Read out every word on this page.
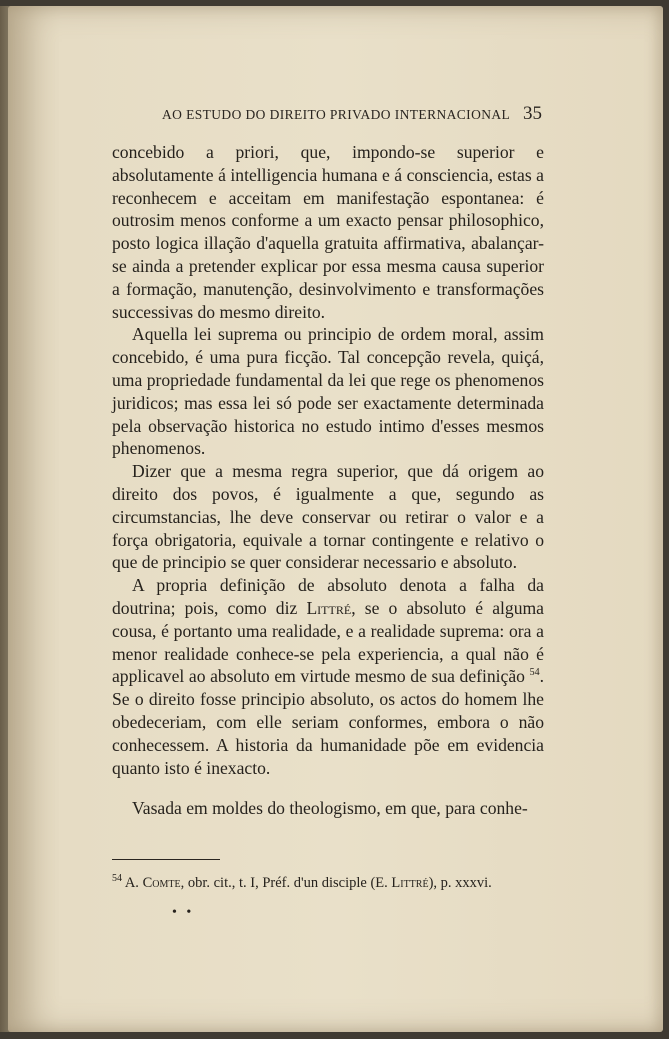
AO ESTUDO DO DIREITO PRIVADO INTERNACIONAL 35

concebido a priori, que, impondo-se superior e absolutamente á intelligencia humana e á consciencia, estas a reconhecem e acceitam em manifestação espontanea: é outrosim menos conforme a um exacto pensar philosophico, posto logica illação d'aquella gratuita affirmativa, abalançar-se ainda a pretender explicar por essa mesma causa superior a formação, manutenção, desinvolvimento e transformações successivas do mesmo direito.

Aquella lei suprema ou principio de ordem moral, assim concebido, é uma pura ficção. Tal concepção revela, quiçá, uma propriedade fundamental da lei que rege os phenomenos juridicos; mas essa lei só pode ser exactamente determinada pela observação historica no estudo intimo d'esses mesmos phenomenos.

Dizer que a mesma regra superior, que dá origem ao direito dos povos, é igualmente a que, segundo as circumstancias, lhe deve conservar ou retirar o valor e a força obrigatoria, equivale a tornar contingente e relativo o que de principio se quer considerar necessario e absoluto.

A propria definição de absoluto denota a falha da doutrina; pois, como diz Littré, se o absoluto é alguma cousa, é portanto uma realidade, e a realidade suprema: ora a menor realidade conhece-se pela experiencia, a qual não é applicavel ao absoluto em virtude mesmo de sua definição $^{54}$. Se o direito fosse principio absoluto, os actos do homem lhe obedeceriam, com elle seriam conformes, embora o não conhecessem. A historia da humanidade põe em evidencia quanto isto é inexacto.

Vasada em moldes do theologismo, em que, para conhe-

$^{54}$ A. Comte, obr. cit., t. I, Préf. d'un disciple (E. Littré), p. xxxvi.
• •
